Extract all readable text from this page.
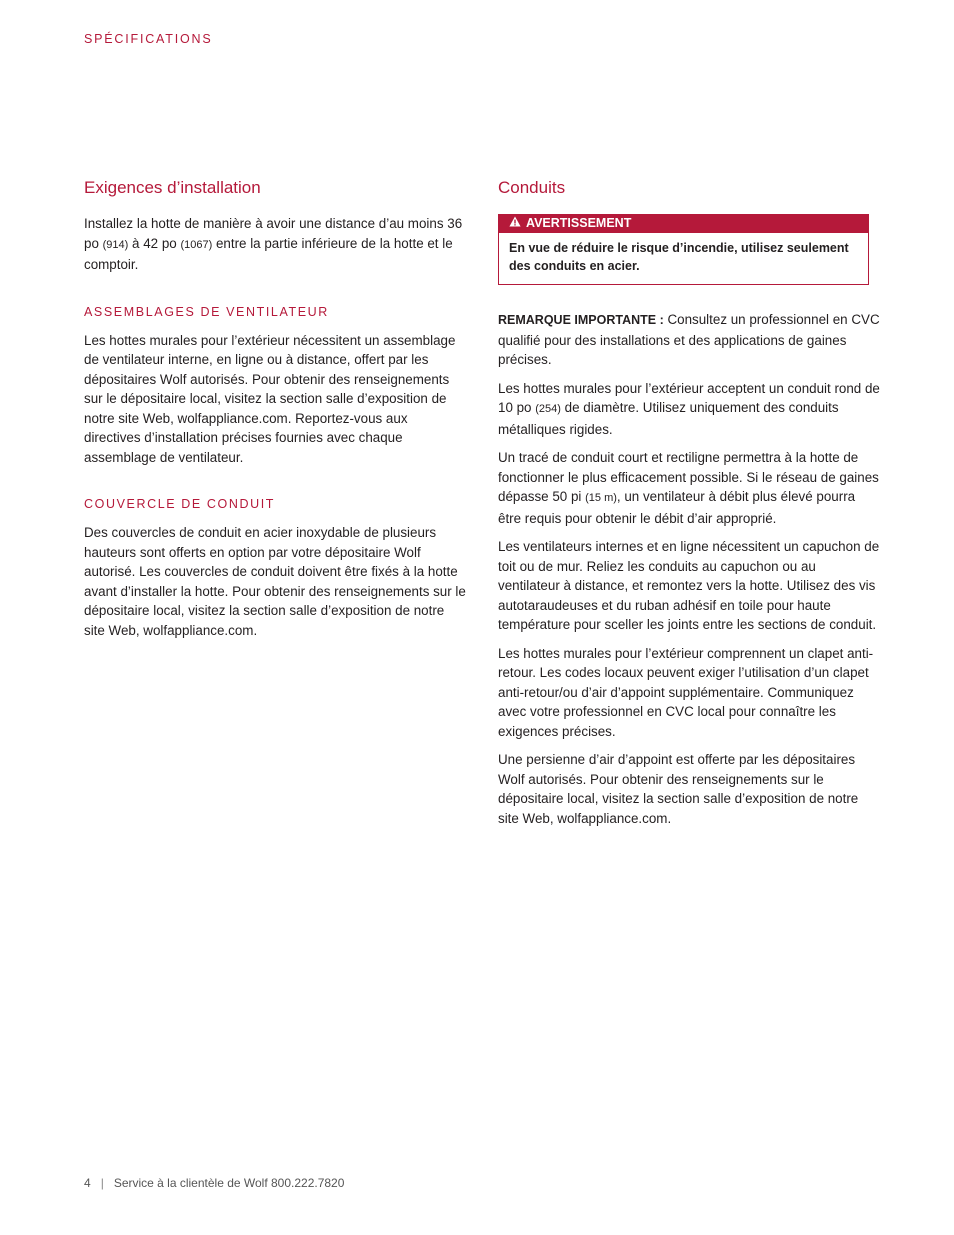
SPÉCIFICATIONS
Exigences d’installation

Installez la hotte de manière à avoir une distance d’au moins 36 po (914) à 42 po (1067) entre la partie inférieure de la hotte et le comptoir.

ASSEMBLAGES DE VENTILATEUR

Les hottes murales pour l’extérieur nécessitent un assemblage de ventilateur interne, en ligne ou à distance, offert par les dépositaires Wolf autorisés. Pour obtenir des renseignements sur le dépositaire local, visitez la section salle d’exposition de notre site Web, wolfappliance.com. Reportez-vous aux directives d’installation précises fournies avec chaque assemblage de ventilateur.

COUVERCLE DE CONDUIT

Des couvercles de conduit en acier inoxydable de plusieurs hauteurs sont offerts en option par votre dépositaire Wolf autorisé. Les couvercles de conduit doivent être fixés à la hotte avant d’installer la hotte. Pour obtenir des renseignements sur le dépositaire local, visitez la section salle d’exposition de notre site Web, wolfappliance.com.

Conduits
AVERTISSEMENT
En vue de réduire le risque d’incendie, utilisez seulement des conduits en acier.

REMARQUE IMPORTANTE : Consultez un professionnel en CVC qualifié pour des installations et des applications de gaines précises.

Les hottes murales pour l’extérieur acceptent un conduit rond de 10 po (254) de diamètre. Utilisez uniquement des conduits métalliques rigides.

Un tracé de conduit court et rectiligne permettra à la hotte de fonctionner le plus efficacement possible. Si le réseau de gaines dépasse 50 pi (15 m), un ventilateur à débit plus élevé pourra être requis pour obtenir le débit d’air approprié.

Les ventilateurs internes et en ligne nécessitent un capuchon de toit ou de mur. Reliez les conduits au capuchon ou au ventilateur à distance, et remontez vers la hotte. Utilisez des vis autotaraudeuses et du ruban adhésif en toile pour haute température pour sceller les joints entre les sections de conduit.

Les hottes murales pour l’extérieur comprennent un clapet anti-retour. Les codes locaux peuvent exiger l’utilisation d’un clapet anti-retour/ou d’air d’appoint supplémentaire. Communiquez avec votre professionnel en CVC local pour connaître les exigences précises.

Une persienne d’air d’appoint est offerte par les dépositaires Wolf autorisés. Pour obtenir des renseignements sur le dépositaire local, visitez la section salle d’exposition de notre site Web, wolfappliance.com.

4 | Service à la clientèle de Wolf 800.222.7820
